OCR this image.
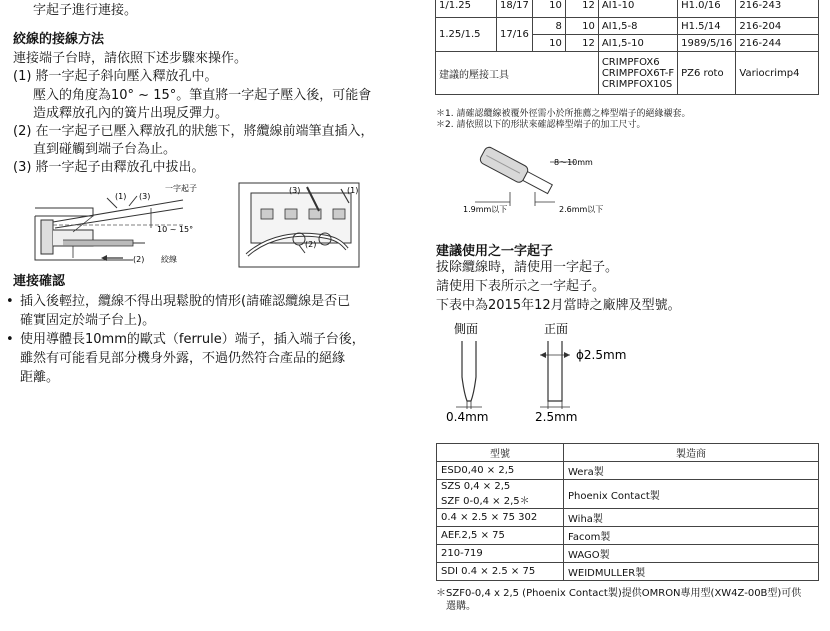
字起子進行連接。
絞線的接線方法
連接端子台時，請依照下述步驟來操作。
(1) 將一字起子斜向壓入釋放孔中。
壓入的角度為10° ~ 15°。筆直將一字起子壓入後，可能會
造成釋放孔內的簧片出現反彈力。
(2) 在一字起子已壓入釋放孔的狀態下，將纜線前端筆直插入，
直到碰觸到端子台為止。
(3) 將一字起子由釋放孔中拔出。
(1) (3)
一字起子
10 ~ 15°
(2) 絞線
(3)	(1)
(2)
連接確認
• 插入後輕拉，纜線不得出現鬆脫的情形(請確認纜線是否已
確實固定於端子台上)。
• 使用導體長10mm的歐式（ferrule）端子，插入端子台後，
雖然有可能看見部分機身外露，不過仍然符合產品的絕緣
距離。
1/1.25	18/17	10	12	AI1-10	H1.0/16	216-243
1.25/1.5	17/16	8	10	AI1,5-8	H1.5/14	216-204
		10	12	AI1,5-10	1989/5/16	216-244
建議的壓接工具				CRIMPFOX6
CRIMPFOX6T-F
CRIMPFOX10S	PZ6 roto	Variocrimp4
＊1. 請確認纜線被覆外徑需小於所推薦之棒型端子的絕緣襯套。
＊2. 請依照以下的形狀來確認棒型端子的加工尺寸。
8～10mm
1.9mm以下	2.6mm以下
建議使用之一字起子
拔除纜線時，請使用一字起子。
請使用下表所示之一字起子。
下表中為2015年12月當時之廠牌及型號。
側面	正面
ϕ2.5mm
0.4mm	2.5mm
型號	製造商
ESD0,40 × 2,5	Wera製

SZS 0,4 × 2,5
SZF 0-0,4 × 2,5＊	Phoenix Contact製
0.4 × 2.5 × 75 302	Wiha製
AEF.2,5 × 75	Facom製
210-719	WAGO製
SDI 0.4 × 2.5 × 75	WEIDMULLER製
＊SZF0-0,4 x 2,5 (Phoenix Contact製)提供OMRON專用型(XW4Z-00B型)可供
選購。
